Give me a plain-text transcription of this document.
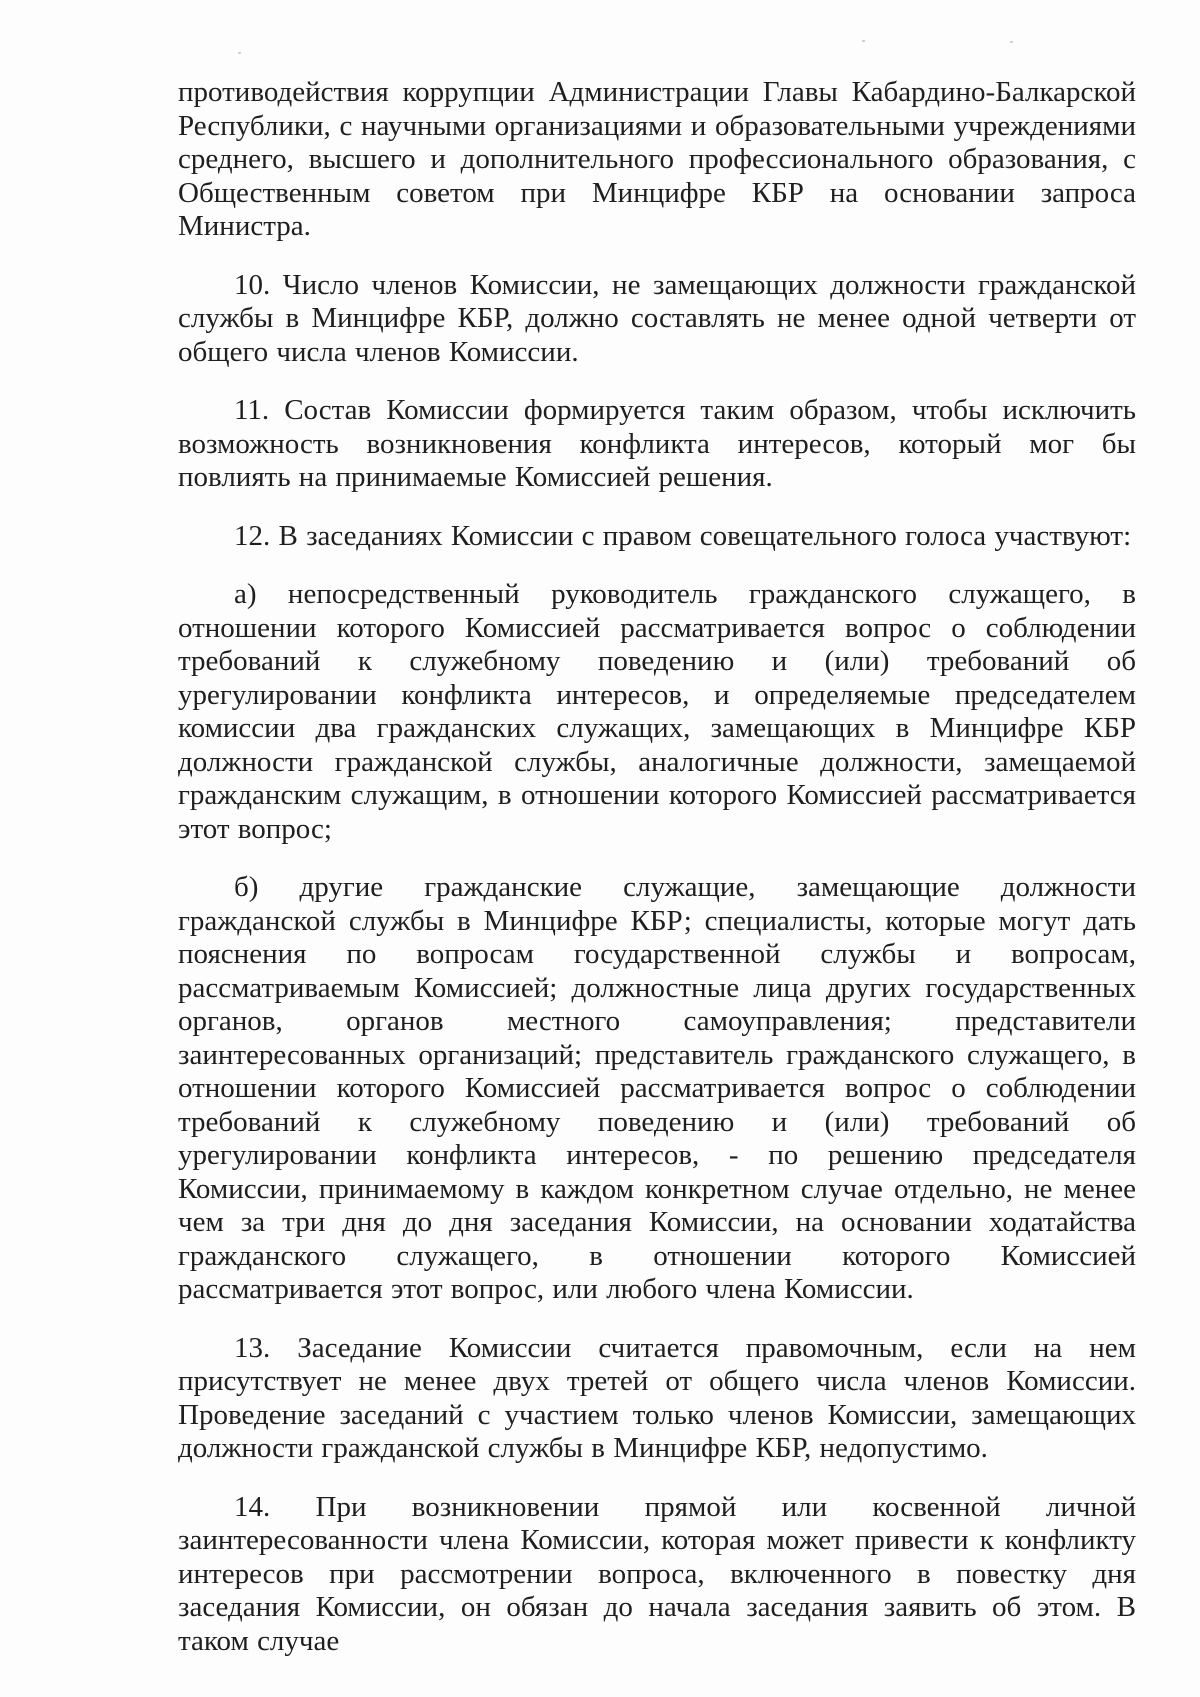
противодействия коррупции Администрации Главы Кабардино-Балкарской Республики, с научными организациями и образовательными учреждениями среднего, высшего и дополнительного профессионального образования, с Общественным советом при Минцифре КБР на основании запроса Министра.

10. Число членов Комиссии, не замещающих должности гражданской службы в Минцифре КБР, должно составлять не менее одной четверти от общего числа членов Комиссии.

11. Состав Комиссии формируется таким образом, чтобы исключить возможность возникновения конфликта интересов, который мог бы повлиять на принимаемые Комиссией решения.

12. В заседаниях Комиссии с правом совещательного голоса участвуют:

а) непосредственный руководитель гражданского служащего, в отношении которого Комиссией рассматривается вопрос о соблюдении требований к служебному поведению и (или) требований об урегулировании конфликта интересов, и определяемые председателем комиссии два гражданских служащих, замещающих в Минцифре КБР должности гражданской службы, аналогичные должности, замещаемой гражданским служащим, в отношении которого Комиссией рассматривается этот вопрос;

б) другие гражданские служащие, замещающие должности гражданской службы в Минцифре КБР; специалисты, которые могут дать пояснения по вопросам государственной службы и вопросам, рассматриваемым Комиссией; должностные лица других государственных органов, органов местного самоуправления; представители заинтересованных организаций; представитель гражданского служащего, в отношении которого Комиссией рассматривается вопрос о соблюдении требований к служебному поведению и (или) требований об урегулировании конфликта интересов, - по решению председателя Комиссии, принимаемому в каждом конкретном случае отдельно, не менее чем за три дня до дня заседания Комиссии, на основании ходатайства гражданского служащего, в отношении которого Комиссией рассматривается этот вопрос, или любого члена Комиссии.

13. Заседание Комиссии считается правомочным, если на нем присутствует не менее двух третей от общего числа членов Комиссии. Проведение заседаний с участием только членов Комиссии, замещающих должности гражданской службы в Минцифре КБР, недопустимо.

14. При возникновении прямой или косвенной личной заинтересованности члена Комиссии, которая может привести к конфликту интересов при рассмотрении вопроса, включенного в повестку дня заседания Комиссии, он обязан до начала заседания заявить об этом. В таком случае
